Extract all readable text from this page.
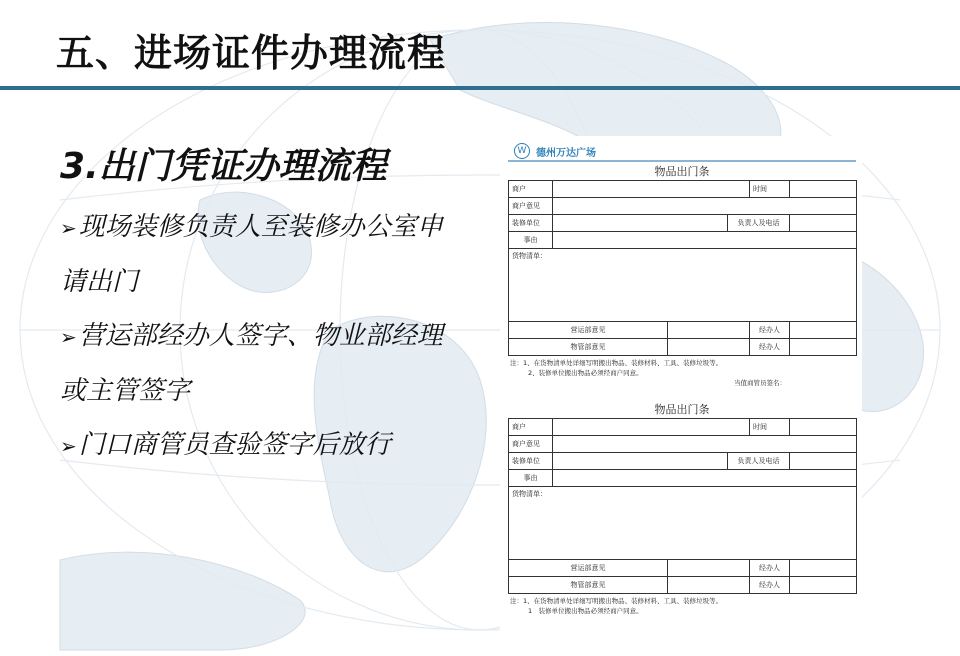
五、进场证件办理流程
3.出门凭证办理流程

➢现场装修负责人至装修办公室申

请出门

➢营运部经办人签字、物业部经理

或主管签字

➢门口商管员查验签字后放行

W 德州万达广场
物品出门条
商户				时间	
商户意见					
装修单位			负责人及电话		
事由					
货物清单：					
营运部意见				经办人	
物管部意见				经办人	
注：1、在货物清单处详细写明搬出物品、装修材料、工具、装修垃圾等。
2、装修单位搬出物品必须经商户同意。
当值商管员签名：
物品出门条
商户				时间	
商户意见					
装修单位			负责人及电话		
事由					
货物清单：					
营运部意见				经办人	
物管部意见				经办人	
注：1、在货物清单处详细写明搬出物品、装修材料、工具、装修垃圾等。
1　装修单位搬出物品必须经商户同意。
